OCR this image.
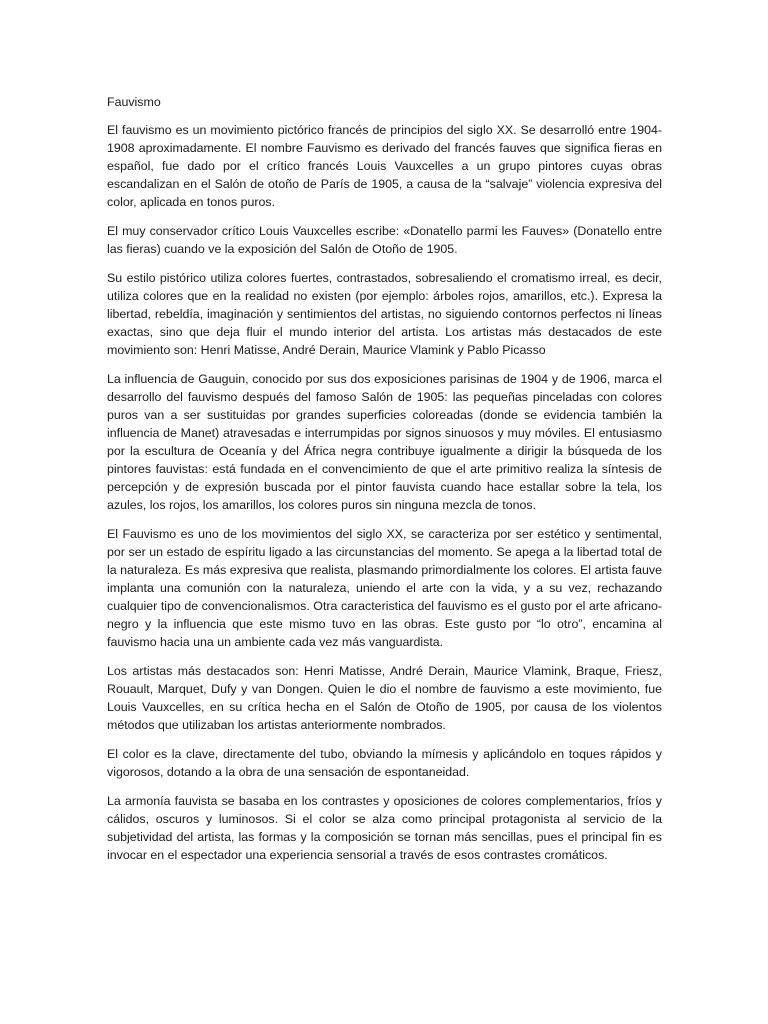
Fauvismo

El fauvismo es un movimiento pictórico francés de principios del siglo XX. Se desarrolló entre 1904-1908 aproximadamente. El nombre Fauvismo es derivado del francés fauves que significa fieras en español, fue dado por el crítico francés Louis Vauxcelles a un grupo pintores cuyas obras escandalizan en el Salón de otoño de París de 1905, a causa de la “salvaje” violencia expresiva del color, aplicada en tonos puros.

El muy conservador crítico Louis Vauxcelles escribe: «Donatello parmi les Fauves» (Donatello entre las fieras) cuando ve la exposición del Salón de Otoño de 1905.

Su estilo pistórico utiliza colores fuertes, contrastados, sobresaliendo el cromatismo irreal, es decir, utiliza colores que en la realidad no existen (por ejemplo: árboles rojos, amarillos, etc.). Expresa la libertad, rebeldía, imaginación y sentimientos del artistas, no siguiendo contornos perfectos ni líneas exactas, sino que deja fluir el mundo interior del artista. Los artistas más destacados de este movimiento son: Henri Matisse, André Derain, Maurice Vlamink y Pablo Picasso

La influencia de Gauguin, conocido por sus dos exposiciones parisinas de 1904 y de 1906, marca el desarrollo del fauvismo después del famoso Salón de 1905: las pequeñas pinceladas con colores puros van a ser sustituidas por grandes superficies coloreadas (donde se evidencia también la influencia de Manet) atravesadas e interrumpidas por signos sinuosos y muy móviles. El entusiasmo por la escultura de Oceanía y del África negra contribuye igualmente a dirigir la búsqueda de los pintores fauvistas: está fundada en el convencimiento de que el arte primitivo realiza la síntesis de percepción y de expresión buscada por el pintor fauvista cuando hace estallar sobre la tela, los azules, los rojos, los amarillos, los colores puros sin ninguna mezcla de tonos.

El Fauvismo es uno de los movimientos del siglo XX, se caracteriza por ser estético y sentimental, por ser un estado de espíritu ligado a las circunstancias del momento. Se apega a la libertad total de la naturaleza. Es más expresiva que realista, plasmando primordialmente los colores. El artista fauve implanta una comunión con la naturaleza, uniendo el arte con la vida, y a su vez, rechazando cualquier tipo de convencionalismos. Otra caracteristica del fauvismo es el gusto por el arte africano-negro y la influencia que este mismo tuvo en las obras. Este gusto por “lo otro”, encamina al fauvismo hacia una un ambiente cada vez más vanguardista.

Los artistas más destacados son: Henri Matisse, André Derain, Maurice Vlamink, Braque, Friesz, Rouault, Marquet, Dufy y van Dongen. Quien le dio el nombre de fauvismo a este movimiento, fue Louis Vauxcelles, en su crítica hecha en el Salón de Otoño de 1905, por causa de los violentos métodos que utilizaban los artistas anteriormente nombrados.

El color es la clave, directamente del tubo, obviando la mímesis y aplicándolo en toques rápidos y vigorosos, dotando a la obra de una sensación de espontaneidad.

La armonía fauvista se basaba en los contrastes y oposiciones de colores complementarios, fríos y cálidos, oscuros y luminosos. Si el color se alza como principal protagonista al servicio de la subjetividad del artista, las formas y la composición se tornan más sencillas, pues el principal fin es invocar en el espectador una experiencia sensorial a través de esos contrastes cromáticos.
